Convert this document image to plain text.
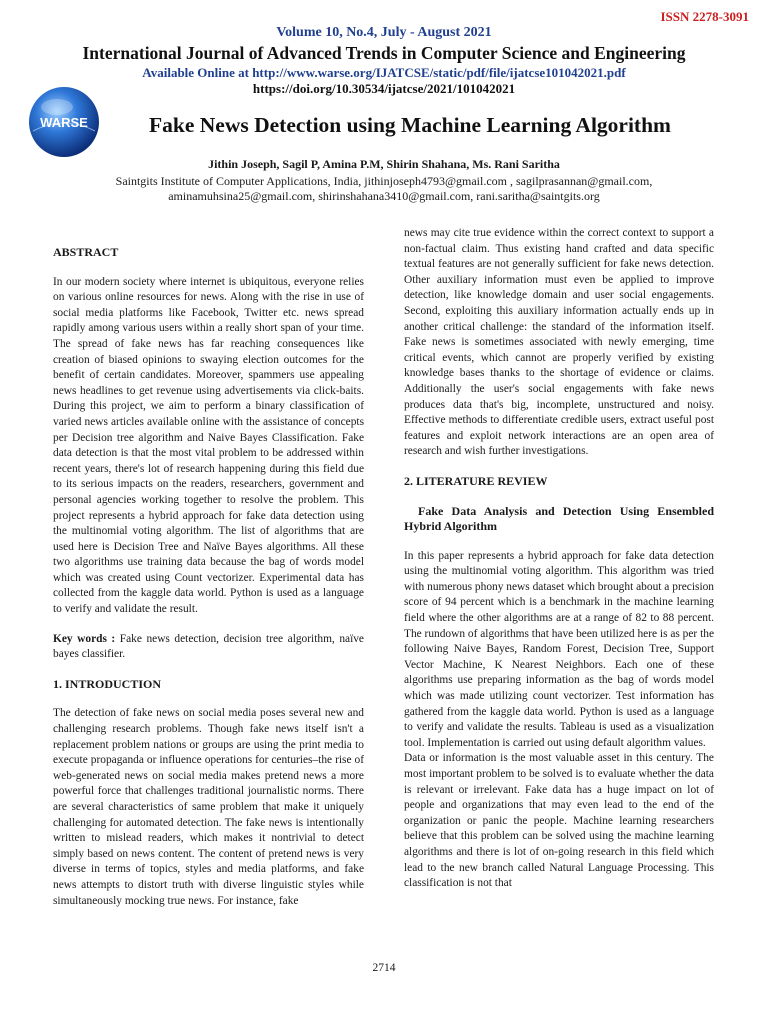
ISSN 2278-3091
Volume 10, No.4, July - August 2021
International Journal of Advanced Trends in Computer Science and Engineering
Available Online at http://www.warse.org/IJATCSE/static/pdf/file/ijatcse101042021.pdf
https://doi.org/10.30534/ijatcse/2021/101042021
WARSE	Fake News Detection using Machine Learning Algorithm
Jithin Joseph, Sagil P, Amina P.M, Shirin Shahana, Ms. Rani Saritha
Saintgits Institute of Computer Applications, India, jithinjoseph4793@gmail.com , sagilprasannan@gmail.com,
aminamuhsina25@gmail.com, shirinshahana3410@gmail.com, rani.saritha@saintgits.org

ABSTRACT

In our modern society where internet is ubiquitous, everyone relies on various online resources for news. Along with the rise in use of social media platforms like Facebook, Twitter etc. news spread rapidly among various users within a really short span of your time. The spread of fake news has far reaching consequences like creation of biased opinions to swaying election outcomes for the benefit of certain candidates. Moreover, spammers use appealing news headlines to get revenue using advertisements via click-baits. During this project, we aim to perform a binary classification of varied news articles available online with the assistance of concepts per Decision tree algorithm and Naive Bayes Classification. Fake data detection is that the most vital problem to be addressed within recent years, there's lot of research happening during this field due to its serious impacts on the readers, researchers, government and personal agencies working together to resolve the problem. This project represents a hybrid approach for fake data detection using the multinomial voting algorithm. The list of algorithms that are used here is Decision Tree and Naïve Bayes algorithms. All these two algorithms use training data because the bag of words model which was created using Count vectorizer. Experimental data has collected from the kaggle data world. Python is used as a language to verify and validate the result.

Key words : Fake news detection, decision tree algorithm, naïve bayes classifier.

1. INTRODUCTION

The detection of fake news on social media poses several new and challenging research problems. Though fake news itself isn't a replacement problem nations or groups are using the print media to execute propaganda or influence operations for centuries–the rise of web-generated news on social media makes pretend news a more powerful force that challenges traditional journalistic norms. There are several characteristics of same problem that make it uniquely challenging for automated detection. The fake news is intentionally written to mislead readers, which makes it nontrivial to detect simply based on news content. The content of pretend news is very diverse in terms of topics, styles and media platforms, and fake news attempts to distort truth with diverse linguistic styles while simultaneously mocking true news. For instance, fake

news may cite true evidence within the correct context to support a non-factual claim. Thus existing hand crafted and data specific textual features are not generally sufficient for fake news detection. Other auxiliary information must even be applied to improve detection, like knowledge domain and user social engagements. Second, exploiting this auxiliary information actually ends up in another critical challenge: the standard of the information itself. Fake news is sometimes associated with newly emerging, time critical events, which cannot are properly verified by existing knowledge bases thanks to the shortage of evidence or claims. Additionally the user's social engagements with fake news produces data that's big, incomplete, unstructured and noisy. Effective methods to differentiate credible users, extract useful post features and exploit network interactions are an open area of research and wish further investigations.

2. LITERATURE REVIEW

Fake Data Analysis and Detection Using Ensembled Hybrid Algorithm

In this paper represents a hybrid approach for fake data detection using the multinomial voting algorithm. This algorithm was tried with numerous phony news dataset which brought about a precision score of 94 percent which is a benchmark in the machine learning field where the other algorithms are at a range of 82 to 88 percent. The rundown of algorithms that have been utilized here is as per the following Naive Bayes, Random Forest, Decision Tree, Support Vector Machine, K Nearest Neighbors. Each one of these algorithms use preparing information as the bag of words model which was made utilizing count vectorizer. Test information has gathered from the kaggle data world. Python is used as a language to verify and validate the results. Tableau is used as a visualization tool. Implementation is carried out using default algorithm values.

Data or information is the most valuable asset in this century. The most important problem to be solved is to evaluate whether the data is relevant or irrelevant. Fake data has a huge impact on lot of people and organizations that may even lead to the end of the organization or panic the people. Machine learning researchers believe that this problem can be solved using the machine learning algorithms and there is lot of on-going research in this field which lead to the new branch called Natural Language Processing. This classification is not that

2714
